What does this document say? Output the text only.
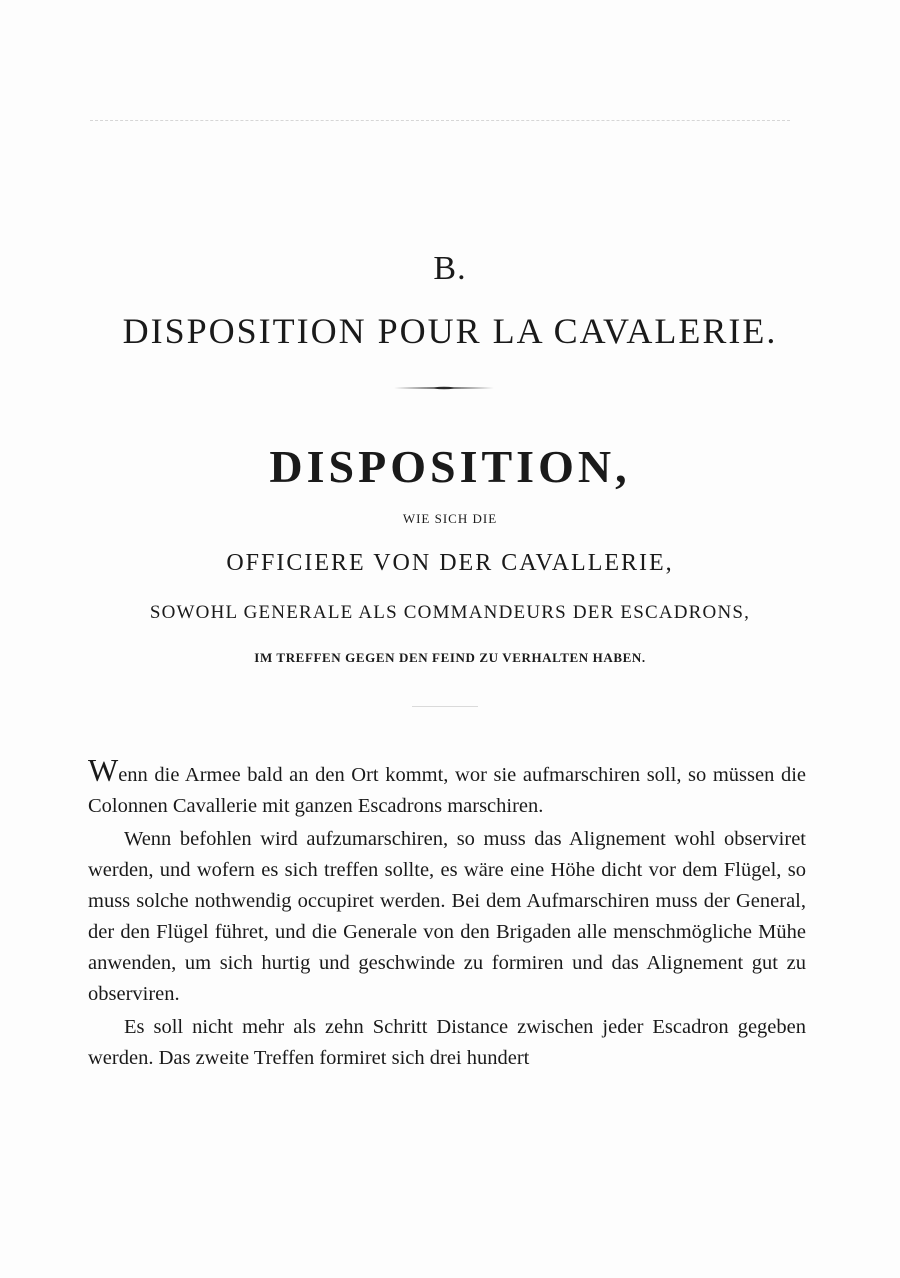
B.
DISPOSITION POUR LA CAVALERIE.
DISPOSITION,
WIE SICH DIE
OFFICIERE VON DER CAVALLERIE,
SOWOHL GENERALE ALS COMMANDEURS DER ESCADRONS,
IM TREFFEN GEGEN DEN FEIND ZU VERHALTEN HABEN.

Wenn die Armee bald an den Ort kommt, wor sie aufmarschiren soll, so müssen die Colonnen Cavallerie mit ganzen Escadrons marschiren.

Wenn befohlen wird aufzumarschiren, so muss das Alignement wohl observiret werden, und wofern es sich treffen sollte, es wäre eine Höhe dicht vor dem Flügel, so muss solche nothwendig occupiret werden. Bei dem Aufmarschiren muss der General, der den Flügel führet, und die Generale von den Brigaden alle menschmögliche Mühe anwenden, um sich hurtig und geschwinde zu formiren und das Alignement gut zu observiren.

Es soll nicht mehr als zehn Schritt Distance zwischen jeder Escadron gegeben werden. Das zweite Treffen formiret sich drei hundert
